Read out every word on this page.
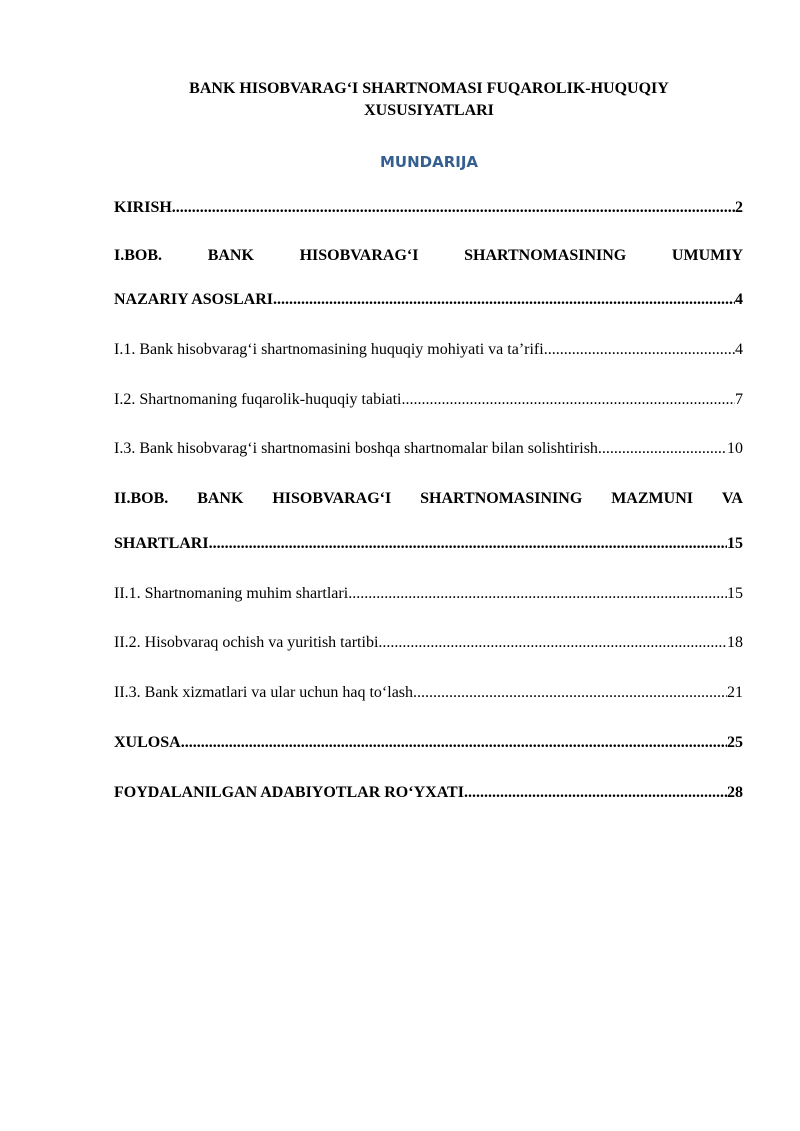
BANK HISOBVARAG‘I SHARTNOMASI FUQAROLIK-HUQUQIY
XUSUSIYATLARI
MUNDARIJA
KIRISH .....	2
I.BOB.	BANK	HISOBVARAG‘I	SHARTNOMASINING	UMUMIY
NAZARIY ASOSLARI .....	4
I.1. Bank hisobvarag‘i shartnomasining huquqiy mohiyati va ta’rifi .....	4
I.2. Shartnomaning fuqarolik-huquqiy tabiati .....	7
I.3. Bank hisobvarag‘i shartnomasini boshqa shartnomalar bilan solishtirish .....	10
II.BOB. BANK HISOBVARAG‘I SHARTNOMASINING MAZMUNI VA
SHARTLARI .....	15
II.1. Shartnomaning muhim shartlari .....	15
II.2. Hisobvaraq ochish va yuritish tartibi .....	18
II.3. Bank xizmatlari va ular uchun haq to‘lash .....	21
XULOSA .....	25
FOYDALANILGAN ADABIYOTLAR RO‘YXATI .....	28
